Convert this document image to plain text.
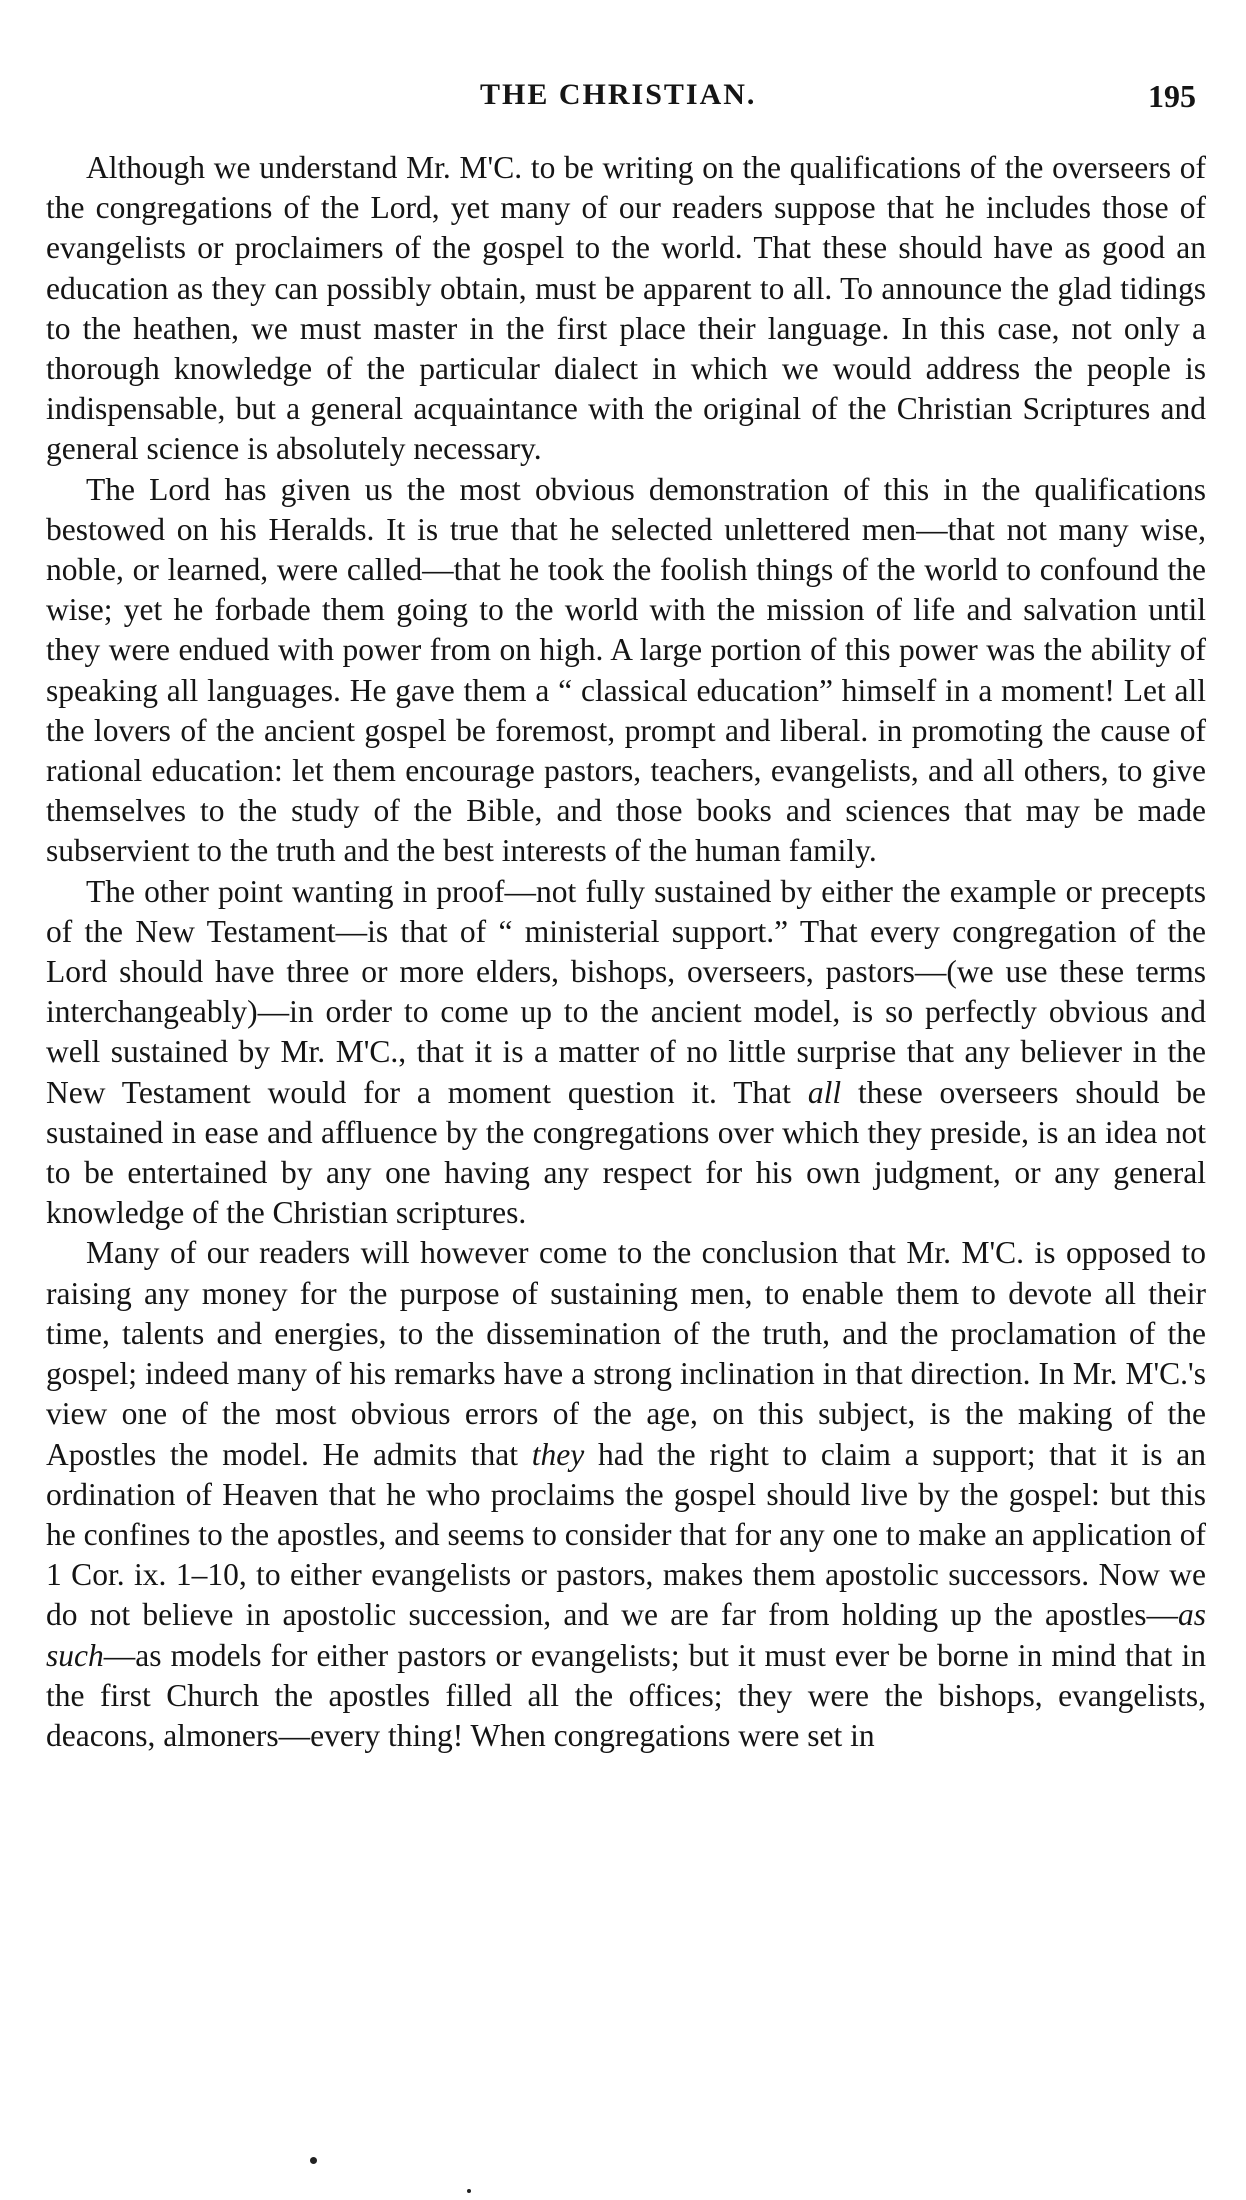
THE CHRISTIAN.	195

Although we understand Mr. M'C. to be writing on the qualifications of the overseers of the congregations of the Lord, yet many of our readers suppose that he includes those of evangelists or proclaimers of the gospel to the world. That these should have as good an education as they can possibly obtain, must be apparent to all. To announce the glad tidings to the heathen, we must master in the first place their language. In this case, not only a thorough knowledge of the particular dialect in which we would address the people is indispensable, but a general acquaintance with the original of the Christian Scriptures and general science is absolutely necessary.

The Lord has given us the most obvious demonstration of this in the qualifications bestowed on his Heralds. It is true that he selected unlettered men—that not many wise, noble, or learned, were called—that he took the foolish things of the world to confound the wise; yet he forbade them going to the world with the mission of life and salvation until they were endued with power from on high. A large portion of this power was the ability of speaking all languages. He gave them a “ classical education” himself in a moment! Let all the lovers of the ancient gospel be foremost, prompt and liberal. in promoting the cause of rational education: let them encourage pastors, teachers, evangelists, and all others, to give themselves to the study of the Bible, and those books and sciences that may be made subservient to the truth and the best interests of the human family.

The other point wanting in proof—not fully sustained by either the example or precepts of the New Testament—is that of “ ministerial support.” That every congregation of the Lord should have three or more elders, bishops, overseers, pastors—(we use these terms interchangeably)—in order to come up to the ancient model, is so perfectly obvious and well sustained by Mr. M'C., that it is a matter of no little surprise that any believer in the New Testament would for a moment question it. That all these overseers should be sustained in ease and affluence by the congregations over which they preside, is an idea not to be entertained by any one having any respect for his own judgment, or any general knowledge of the Christian scriptures.

Many of our readers will however come to the conclusion that Mr. M'C. is opposed to raising any money for the purpose of sustaining men, to enable them to devote all their time, talents and energies, to the dissemination of the truth, and the proclamation of the gospel; indeed many of his remarks have a strong inclination in that direction. In Mr. M'C.'s view one of the most obvious errors of the age, on this subject, is the making of the Apostles the model. He admits that they had the right to claim a support; that it is an ordination of Heaven that he who proclaims the gospel should live by the gospel: but this he confines to the apostles, and seems to consider that for any one to make an application of 1 Cor. ix. 1–10, to either evangelists or pastors, makes them apostolic successors. Now we do not believe in apostolic succession, and we are far from holding up the apostles—as such—as models for either pastors or evangelists; but it must ever be borne in mind that in the first Church the apostles filled all the offices; they were the bishops, evangelists, deacons, almoners—every thing! When congregations were set in
